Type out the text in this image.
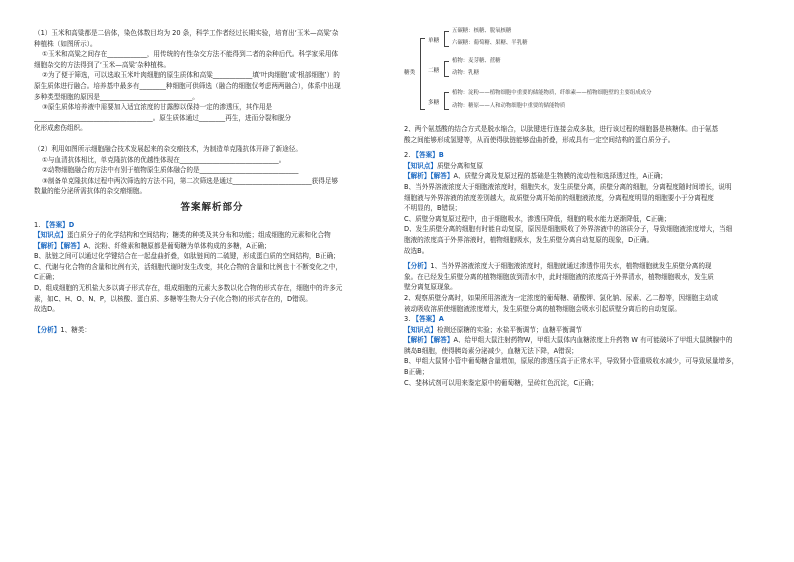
（1）玉米和高粱都是二倍体，染色体数目均为 20 条，科学工作者经过长期实验，培育出‘玉米—高粱’杂
种植株（如图所示）。
①玉米和高粱之间存在____________，用传统的有性杂交方法不能得到二者的杂种后代。科学家采用体
细胞杂交的方法得到了‘玉米—高粱’杂种植株。
②为了便于筛选，可以选取玉米叶肉细胞的原生质体和高粱____________填‘叶肉细胞’或‘根部细胞’）的
原生质体进行融合。培养基中最多有________种细胞可供筛选（融合的细胞仅考虑两两融合），体系中出现
多种类型细胞的原因是____________________________。
③原生质体培养液中需要加入适宜浓度的甘露醇以保持一定的渗透压，其作用是
____________________________________。原生质体通过________再生，进而分裂和脱分
化形成愈伤组织。
（2）利用如图所示细胞融合技术发展起来的杂交瘤技术，为制造单克隆抗体开辟了新途径。
①与血清抗体相比，单克隆抗体的优越性体现在______________________________。
②动物细胞融合的方法中有别于植物原生质体融合的是______________________________
③制备单克隆抗体过程中两次筛选的方法不同，第二次筛选是通过________________________获得足够
数量的能分泌所需抗体的杂交瘤细胞。
答案解析部分
1. 【答案】D
【知识点】蛋白质分子的化学结构和空间结构；糖类的种类及其分布和功能；组成细胞的元素和化合物
【解析】【解答】A、淀粉、纤维素和糖原都是葡萄糖为单体构成的多糖，A正确；
B、肽链之间可以通过化学键结合在一起盘曲折叠，如肽链间的二硫键，形成蛋白质的空间结构，B正确；
C、代谢与化合物的含量和比例有关，活细胞代谢时发生改变，其化合物的含量和比例也十不断变化之中，
C正确；
D、组成细胞的无机盐大多以离子形式存在，组成细胞的元素大多数以化合物的形式存在，细胞中的许多元
素，如C、H、O、N、P，以核酸、蛋白质、多糖等生物大分子(化合物)的形式存在的，D错误。
故选D。
【分析】1、糖类：
糖类
单糖
五碳糖：核糖、脱氧核糖
六碳糖：葡萄糖、果糖、半乳糖
二糖
植物：麦芽糖、蔗糖
动物：乳糖
多糖
植物：淀粉——植物细胞中重要的储能物质，纤维素——植物细胞壁的主要组成成分
动物：糖原——人和动物细胞中重要的储能物质
2、两个氨基酸的结合方式是脱水缩合，以肽键进行连接会成多肽，进行该过程的细胞器是核糖体。由于氨基
酸之间能够形成氢键等，从而使得肽链能够盘曲折叠，形成具有一定空间结构的蛋白质分子。
2. 【答案】B
【知识点】质壁分离和复原
【解析】【解答】A、质壁分离及复原过程的基础是生物膜的流动性和选择透过性，A正确；
B、当外界溶液浓度大于细胞液浓度时，细胞失水，发生质壁分离，质壁分离的细胞，分离程度随时间增长，说明
细胞液与外界溶液的浓度差别越大，故质壁分离开始前的细胞液浓度，分离程度明显的细胞要小于分离程度
不明显的，B错误；
C、质壁分离复原过程中，由于细胞吸水，渗透压降低，细胞的吸水能力逐渐降低，C正确；
D、发生质壁分离的细胞有时能自动复原，原因是细胞吸收了外界溶液中的溶质分子，导致细胞液浓度增大，当细
胞液的浓度高于外界溶液时，植物细胞吸水，发生质壁分离自动复原的现象，D正确。
故选B。
【分析】1、当外界溶液浓度大于细胞液浓度时，细胞就通过渗透作用失水，植物细胞就发生质壁分离的现
象。在已经发生质壁分离的植物细胞放到清水中，此时细胞液的浓度高于外界清水，植物细胞吸水，发生质
壁分离复原现象。
2、观察质壁分离时，如果所用溶液为一定浓度的葡萄糖、硝酸钾、氯化钠、尿素、乙二醇等，因细胞主动或
被动吸收溶质使细胞液浓度增大，发生质壁分离的植物细胞会吸水引起质壁分离后的自动复原。
3. 【答案】A
【知识点】检测还原糖的实验；水盐平衡调节；血糖平衡调节
【解析】【解答】A、给甲组大鼠注射药物W，甲组大鼠体内血糖浓度上升药物 W 有可能破坏了甲组大鼠胰腺中的
胰岛B细胞，使得胰岛素分泌减少，血糖无法下降，A错误；
B、甲组大鼠肾小管中葡萄糖含量增加，原尿的渗透压高于正常水平，导致肾小管重吸收水减少，可导致尿量增多，
B正确；
C、斐林试剂可以用来鉴定原中的葡萄糖，呈砖红色沉淀，C正确；
